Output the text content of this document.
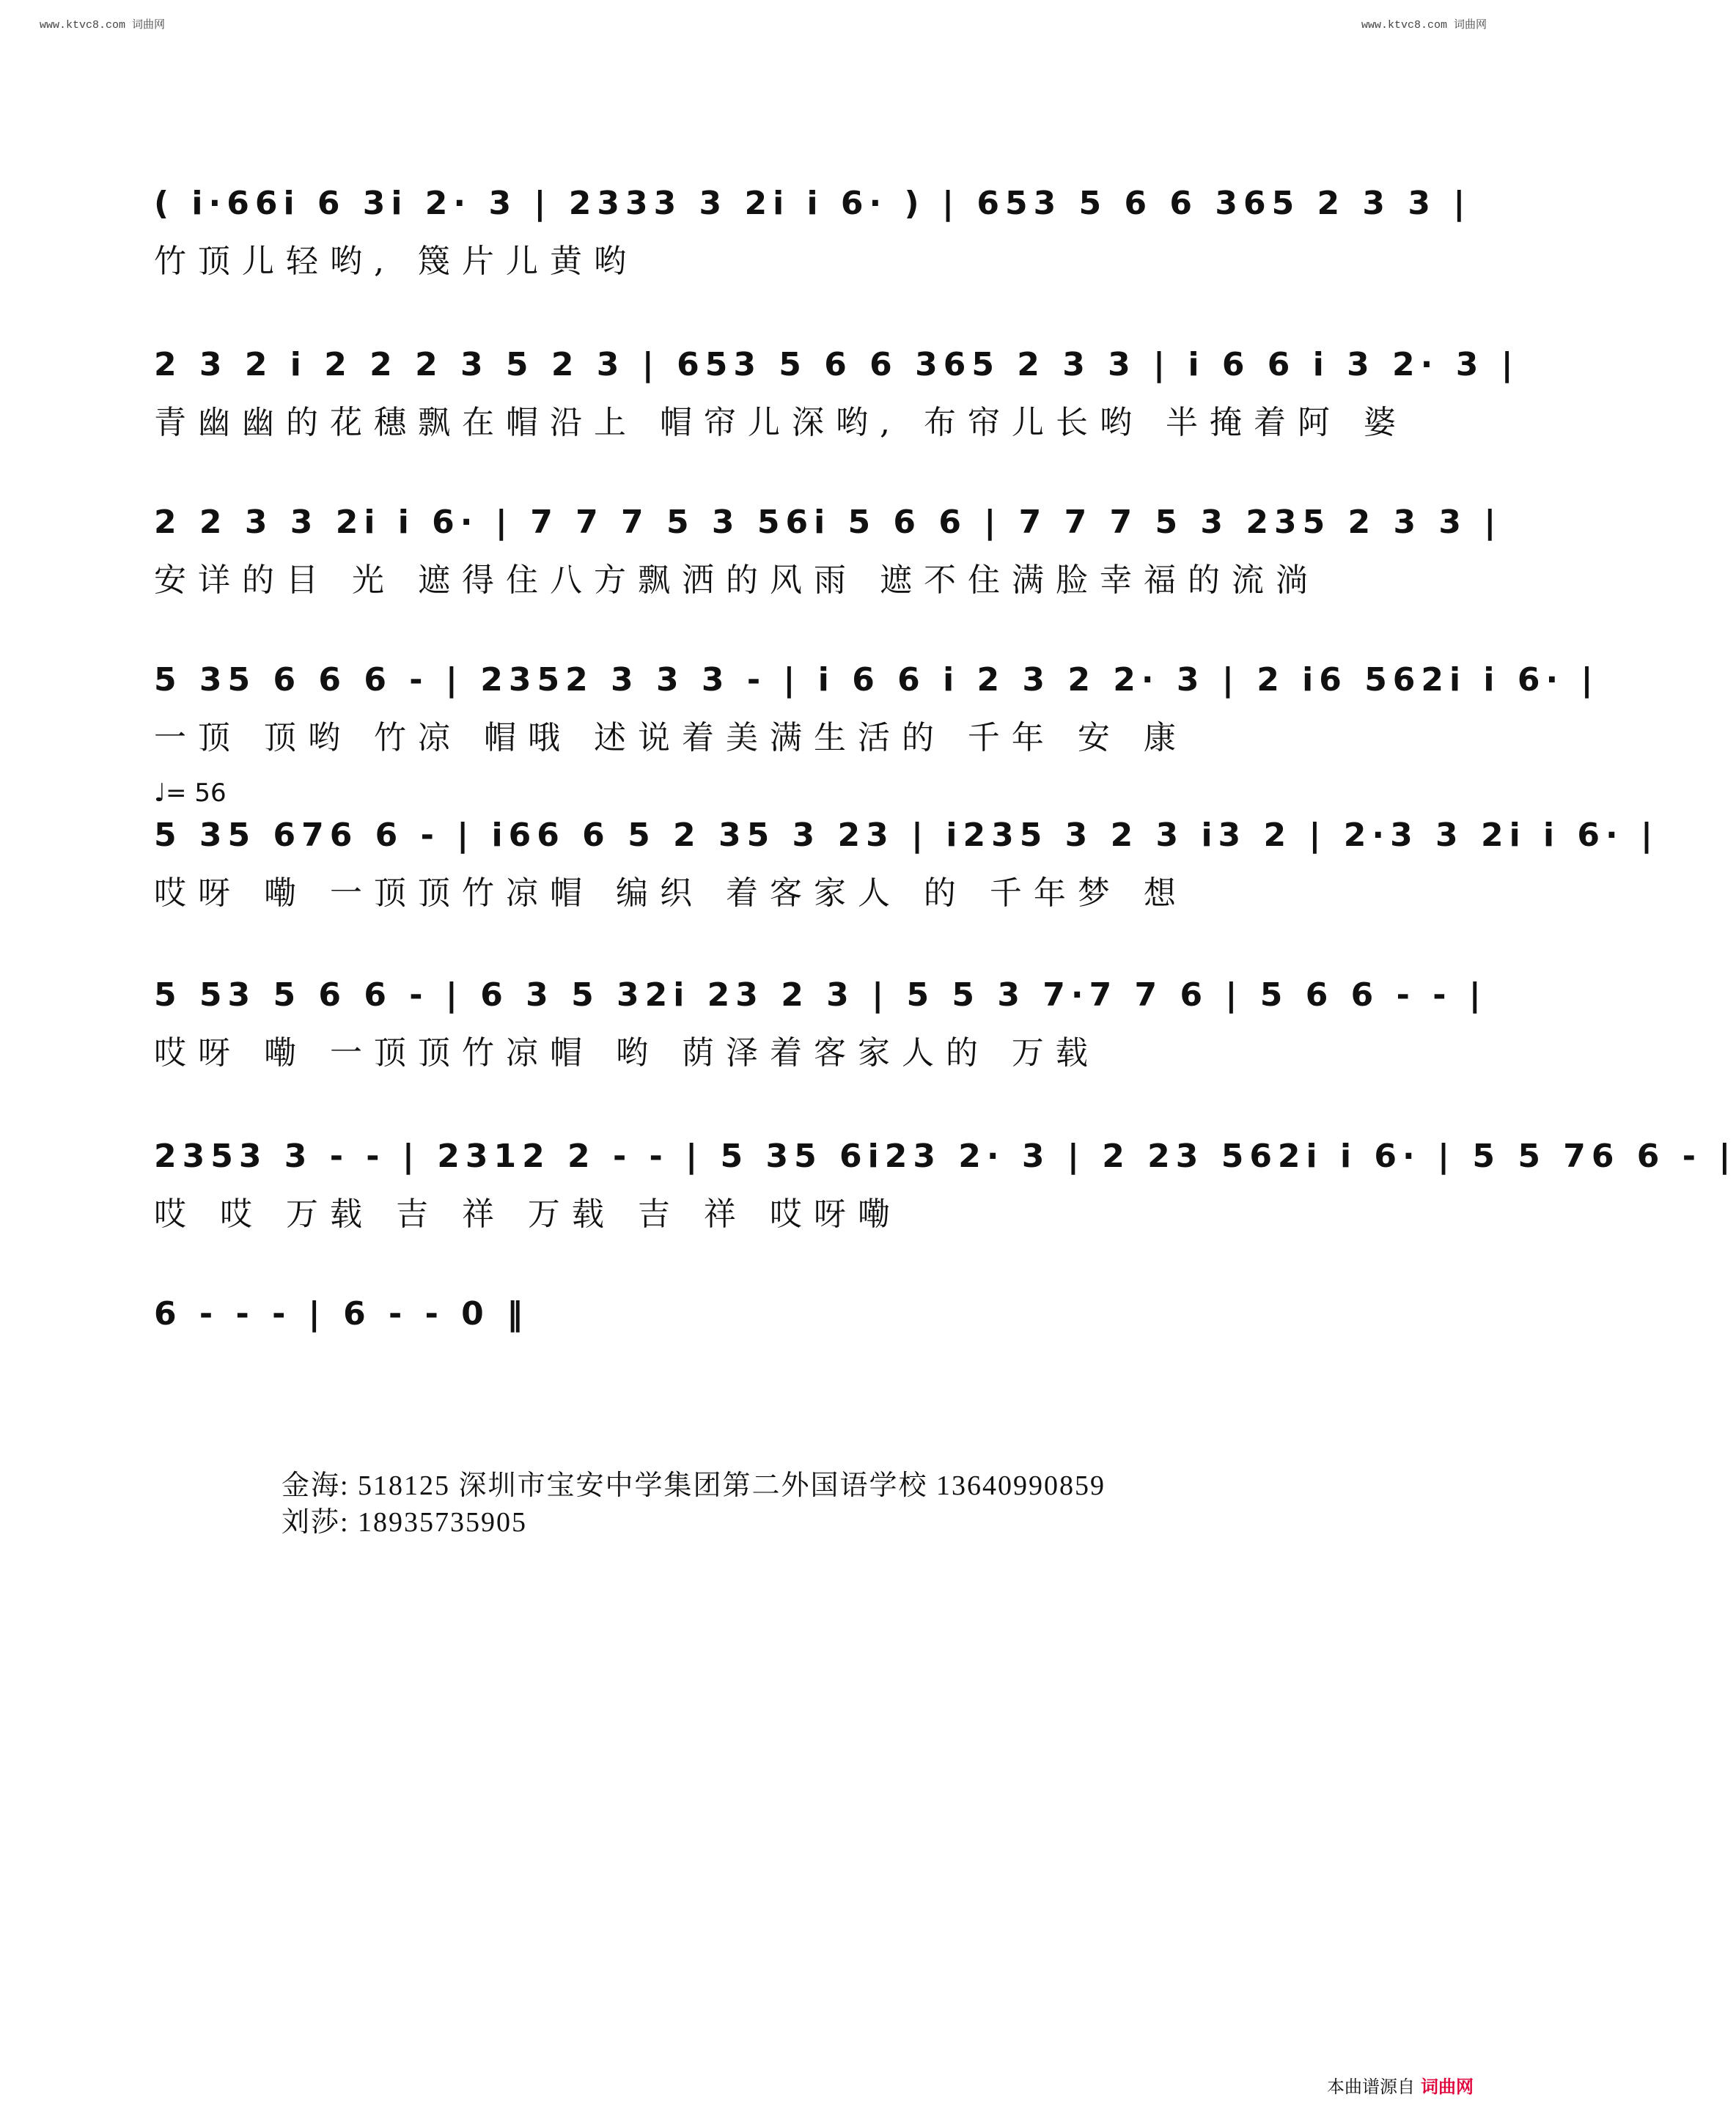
www.ktvc8.com 词曲网	www.ktvc8.com 词曲网
( i·66i 6 3i 2· 3 | 2333 3 2i i 6· ) | 653 5 6 6 365 2 3 3 |
竹顶儿轻哟, 篾片儿黄哟
2 3 2 i 2 2 2 3 5 2 3 | 653 5 6 6 365 2 3 3 | i 6 6 i 3 2· 3 |
青幽幽的花穗飘在帽沿上 帽帘儿深哟, 布帘儿长哟 半掩着阿 婆
2 2 3 3 2i i 6· | 7 7 7 5 3 56i 5 6 6 | 7 7 7 5 3 235 2 3 3 |
安详的目 光 遮得住八方飘洒的风雨 遮不住满脸幸福的流淌
5 35 6 6 6 - | 2352 3 3 3 - | i 6 6 i 2 3 2 2· 3 | 2 i6 562i i 6· |
一顶 顶哟 竹凉 帽哦 述说着美满生活的 千年 安 康
♩= 56
5 35 676 6 - | i66 6 5 2 35 3 23 | i235 3 2 3 i3 2 | 2·3 3 2i i 6· |
哎呀 嘞 一顶顶竹凉帽 编织 着客家人 的 千年梦 想
5 53 5 6 6 - | 6 3 5 32i 23 2 3 | 5 5 3 7·7 7 6 | 5 6 6 - - |
哎呀 嘞 一顶顶竹凉帽 哟 荫泽着客家人的 万载
2353 3 - - | 2312 2 - - | 5 35 6i23 2· 3 | 2 23 562i i 6· | 5 5 76 6 - |
哎 哎 万载 吉 祥 万载 吉 祥 哎呀嘞
6 - - - | 6 - - 0 ‖
金海: 518125 深圳市宝安中学集团第二外国语学校 13640990859
刘莎: 18935735905
本曲谱源自 词曲网
